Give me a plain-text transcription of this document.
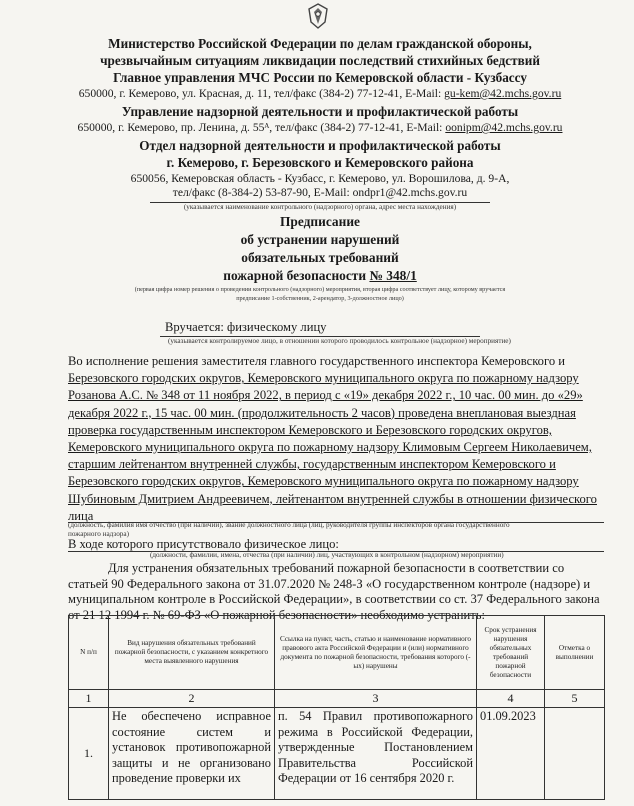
Министерство Российской Федерации по делам гражданской обороны,
чрезвычайным ситуациям ликвидации последствий стихийных бедствий
Главное управления МЧС России по Кемеровской области - Кузбассу
650000, г. Кемерово, ул. Красная, д. 11, тел/факс (384-2) 77-12-41, E-Mail: gu-kem@42.mchs.gov.ru
Управление надзорной деятельности и профилактической работы
650000, г. Кемерово, пр. Ленина, д. 55ᴬ, тел/факс (384-2) 77-12-41, E-Mail: oonipm@42.mchs.gov.ru
Отдел надзорной деятельности и профилактической работы
г. Кемерово, г. Березовского и Кемеровского района
650056, Кемеровская область - Кузбасс, г. Кемерово, ул. Ворошилова, д. 9-А,
тел/факс (8-384-2) 53-87-90, E-Mail: ondpr1@42.mchs.gov.ru
(указывается наименование контрольного (надзорного) органа, адрес места нахождения)
Предписание
об устранении нарушений
обязательных требований
пожарной безопасности № 348/1
(первая цифра номер решения о проведении контрольного (надзорного) мероприятия, вторая цифра соответствует лицу, которому вручается
предписание 1-собственник, 2-арендатор, 3-должностное лицо)
Вручается: физическому лицу
(указывается контролируемое лицо, в отношении которого проводилось контрольное (надзорное) мероприятие)
Во исполнение решения заместителя главного государственного инспектора Кемеровского и
Березовского городских округов, Кемеровского муниципального округа по пожарному надзору
Розанова А.С. № 348 от 11 ноября 2022, в период с «19» декабря 2022 г., 10 час. 00 мин. до «29»
декабря 2022 г., 15 час. 00 мин. (продолжительность 2 часов) проведена внеплановая выездная
проверка государственным инспектором Кемеровского и Березовского городских округов,
Кемеровского муниципального округа по пожарному надзору Климовым Сергеем Николаевичем,
старшим лейтенантом внутренней службы, государственным инспектором Кемеровского и
Березовского городских округов, Кемеровского муниципального округа по пожарному надзору
Шубиновым Дмитрием Андреевичем, лейтенантом внутренней службы в отношении физического
лица
(должность, фамилия имя отчество (при наличии), звание должностного лица (лиц, руководителя группы инспекторов органа государственного
пожарного надзора)
В ходе которого присутствовало физическое лицо:
(должности, фамилии, имена, отчества (при наличии) лиц, участвующих в контрольном (надзорном) мероприятии)
Для устранения обязательных требований пожарной безопасности в соответствии со
статьей 90 Федерального закона от 31.07.2020 № 248-З «О государственном контроле (надзоре) и
муниципальном контроле в Российской Федерации», в соответствии со ст. 37 Федерального закона
от 21 12 1994 г. № 69-ФЗ «О пожарной безопасности» необходимо устранить:
N п/п	Вид нарушения обязательных требований пожарной безопасности, с указанием конкретного места выявленного нарушения	Ссылка на пункт, часть, статью и наименование нормативного правового акта Российской Федерации и (или) нормативного документа по пожарной безопасности, требования которого (-ых) нарушены	Срок устранения нарушения обязательных требований пожарной безопасности	Отметка о выполнении
1	2	3	4	5
1.	Не обеспечено исправное состояние систем и установок противопожарной защиты и не организовано проведение проверки их	п. 54 Правил противопожарного режима в Российской Федерации, утвержденные Постановлением Правительства Российской Федерации от 16 сентября 2020 г.	01.09.2023	
